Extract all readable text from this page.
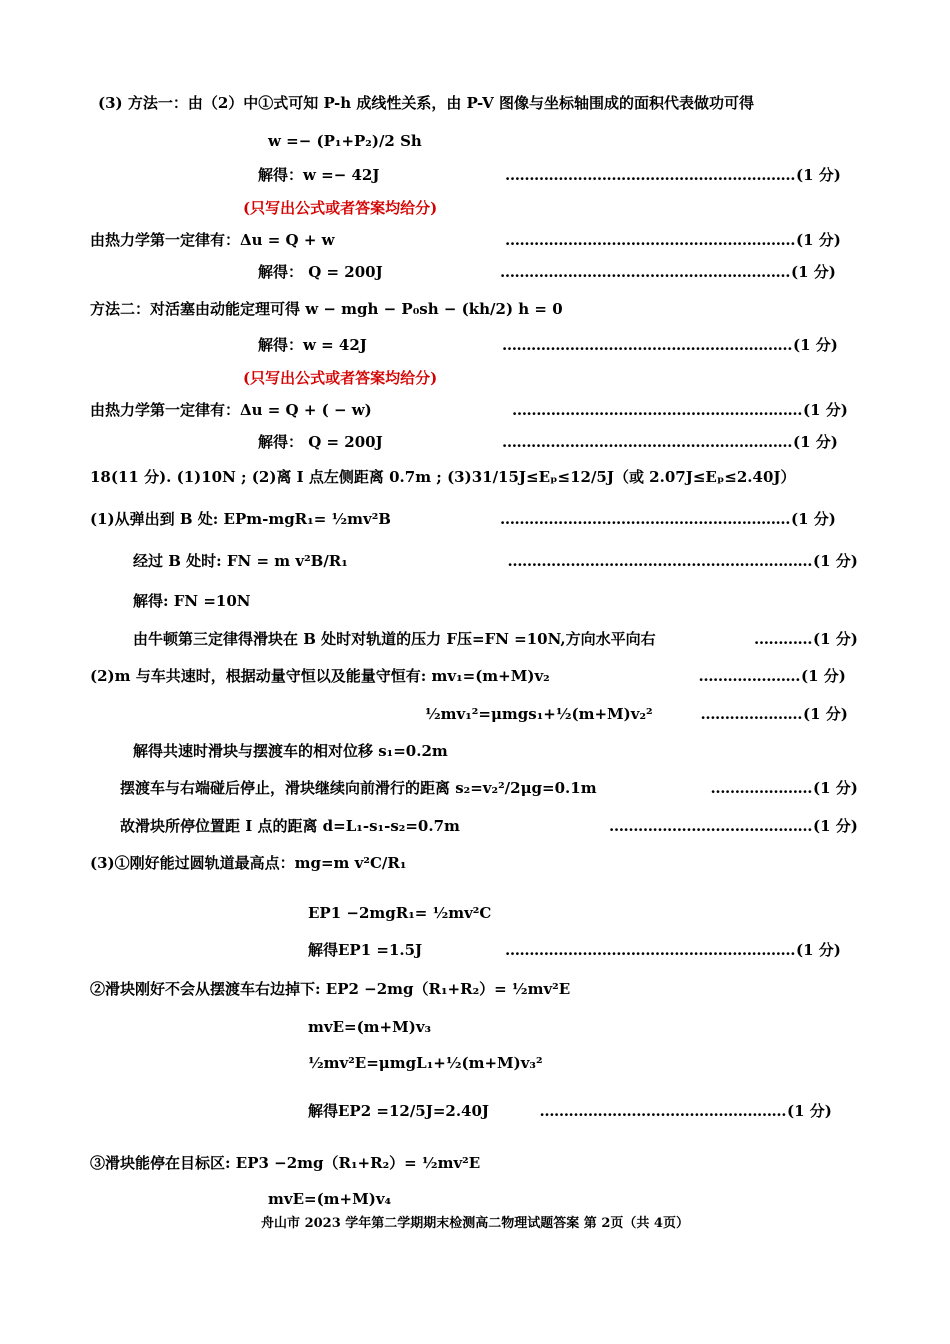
(3) 方法一：由（2）中①式可知 P-h 成线性关系，由 P-V 图像与坐标轴围成的面积代表做功可得
w =− (P₁+P₂)/2 Sh
解得：w =− 42J	…………………………………………………… (1 分)
(只写出公式或者答案均给分)
由热力学第一定律有：Δu = Q + w	…………………………………………………… (1 分)
解得： Q = 200J	…………………………………………………… (1 分)
方法二：对活塞由动能定理可得 w − mgh − P₀sh − (kh/2) h = 0
解得：w = 42J	…………………………………………………… (1 分)
(只写出公式或者答案均给分)
由热力学第一定律有：Δu = Q + ( − w)	…………………………………………………… (1 分)
解得： Q = 200J	…………………………………………………… (1 分)
18(11 分). (1)10N ; (2)离 I 点左侧距离 0.7m ; (3)31/15J≤Eₚ≤12/5J（或 2.07J≤Eₚ≤2.40J）
(1)从弹出到 B 处: EPm-mgR₁= ½mv²B	…………………………………………………… (1 分)
经过 B 处时: FN = m v²B/R₁	……………………………………………………… (1 分)
解得: FN =10N
由牛顿第三定律得滑块在 B 处时对轨道的压力 F压=FN =10N,方向水平向右	………… (1 分)
(2)m 与车共速时，根据动量守恒以及能量守恒有: mv₁=(m+M)v₂	………………… (1 分)
½mv₁²=μmgs₁+½(m+M)v₂²	………………… (1 分)
解得共速时滑块与摆渡车的相对位移 s₁=0.2m
摆渡车与右端碰后停止，滑块继续向前滑行的距离 s₂=v₂²/2μg=0.1m	………………… (1 分)
故滑块所停位置距 I 点的距离 d=L₁-s₁-s₂=0.7m	…………………………………… (1 分)
(3)①刚好能过圆轨道最高点：mg=m v²C/R₁
EP1 −2mgR₁= ½mv²C
解得EP1 =1.5J	…………………………………………………… (1 分)
②滑块刚好不会从摆渡车右边掉下: EP2 −2mg（R₁+R₂）= ½mv²E
mvE=(m+M)v₃
½mv²E=μmgL₁+½(m+M)v₃²
解得EP2 =12/5J=2.40J	…………………………………………… (1 分)
③滑块能停在目标区: EP3 −2mg（R₁+R₂）= ½mv²E
mvE=(m+M)v₄
舟山市 2023 学年第二学期期末检测高二物理试题答案 第 2页（共 4页）
